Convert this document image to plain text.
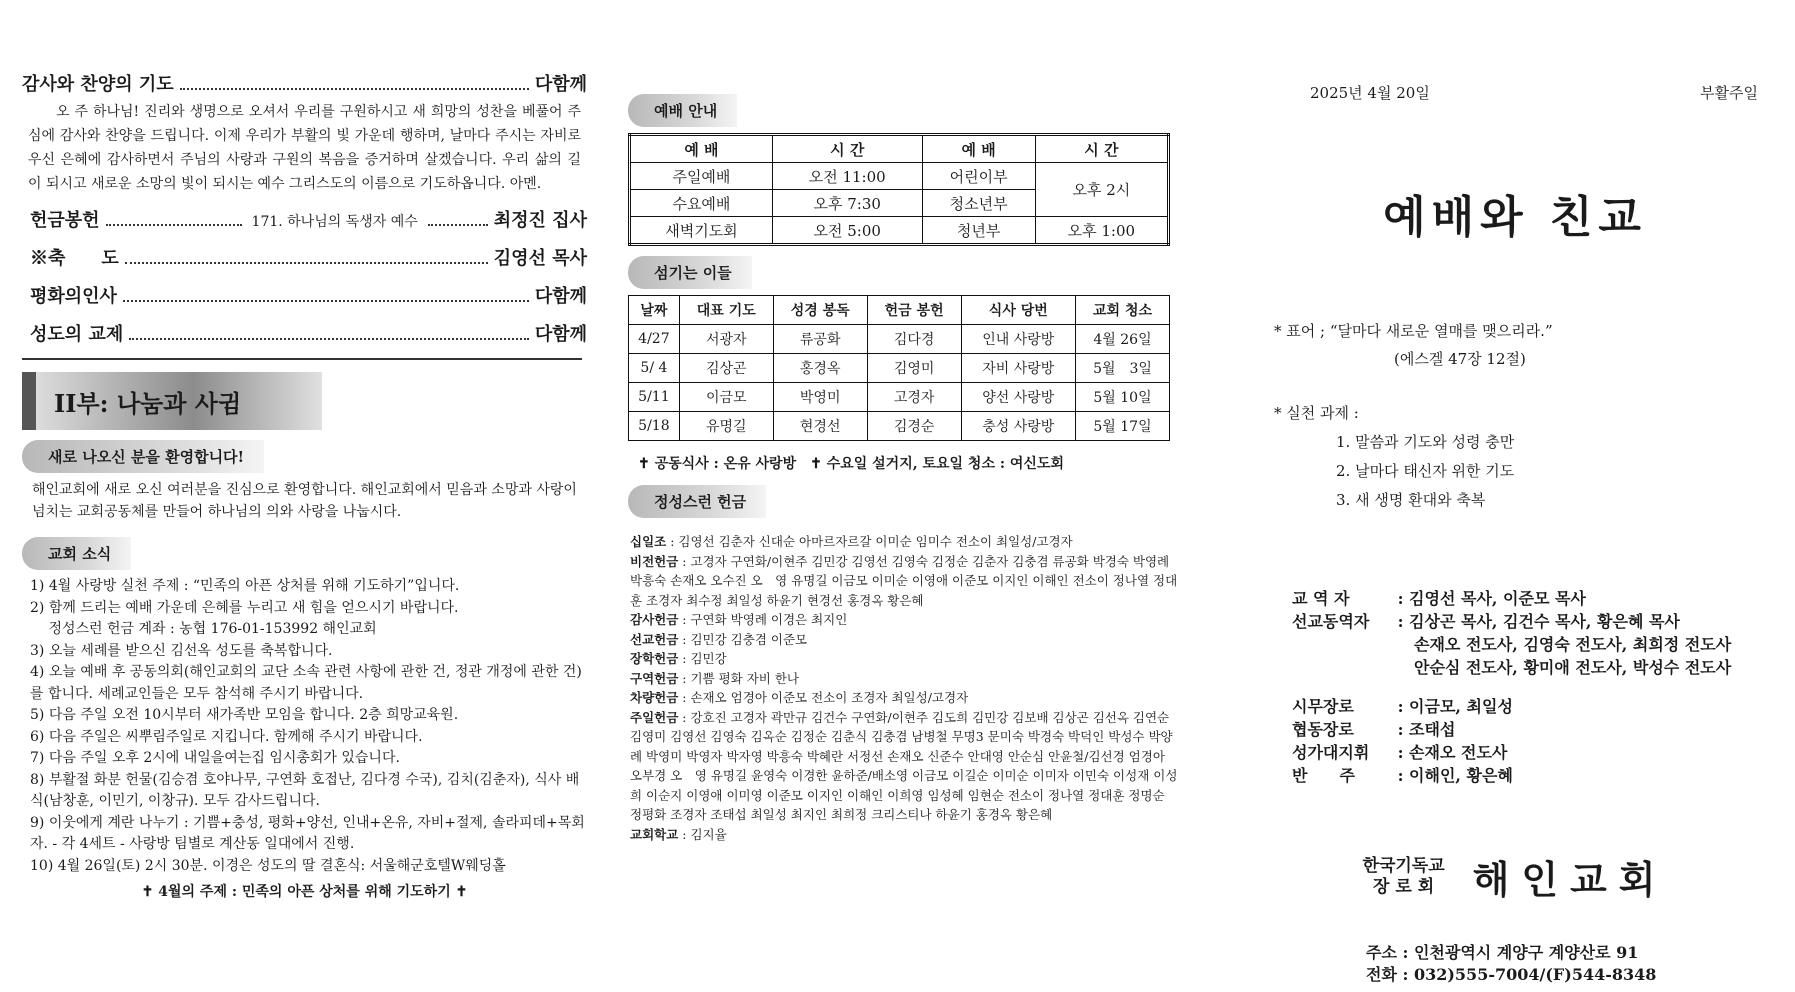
감사와 찬양의 기도	다함께

오 주 하나님! 진리와 생명으로 오셔서 우리를 구원하시고 새 희망의 성찬을 베풀어 주심에 감사와 찬양을 드립니다. 이제 우리가 부활의 빛 가운데 행하며, 날마다 주시는 자비로우신 은혜에 감사하면서 주님의 사랑과 구원의 복음을 증거하며 살겠습니다. 우리 삶의 길이 되시고 새로운 소망의 빛이 되시는 예수 그리스도의 이름으로 기도하옵니다. 아멘.

헌금봉헌	171. 하나님의 독생자 예수	최정진 집사
※축　　도	김영선 목사
평화의인사	다함께
성도의 교제	다함께
II부: 나눔과 사귐
새로 나오신 분을 환영합니다!

해인교회에 새로 오신 여러분을 진심으로 환영합니다. 해인교회에서 믿음과 소망과 사랑이 넘치는 교회공동체를 만들어 하나님의 의와 사랑을 나눕시다.

교회 소식
1) 4월 사랑방 실천 주제 : “민족의 아픈 상처를 위해 기도하기”입니다.
2) 함께 드리는 예배 가운데 은혜를 누리고 새 힘을 얻으시기 바랍니다.
　 정성스런 헌금 계좌 : 농협 176-01-153992 해인교회
3) 오늘 세례를 받으신 김선옥 성도를 축복합니다.
4) 오늘 예배 후 공동의회(해인교회의 교단 소속 관련 사항에 관한 건, 정관 개정에 관한 건)를 합니다. 세례교인들은 모두 참석해 주시기 바랍니다.
5) 다음 주일 오전 10시부터 새가족반 모임을 합니다. 2층 희망교육원.
6) 다음 주일은 씨뿌림주일로 지킵니다. 함께해 주시기 바랍니다.
7) 다음 주일 오후 2시에 내일을여는집 임시총회가 있습니다.
8) 부활절 화분 헌물(김승겸 호야나무, 구연화 호접난, 김다경 수국), 김치(김춘자), 식사 배식(남창훈, 이민기, 이창규). 모두 감사드립니다.
9) 이웃에게 계란 나누기 : 기쁨+충성, 평화+양선, 인내+온유, 자비+절제, 솔라피데+목회자. - 각 4세트 - 사랑방 팀별로 계산동 일대에서 진행.
10) 4월 26일(토) 2시 30분. 이경은 성도의 딸 결혼식: 서울해군호텔W웨딩홀
✝ 4월의 주제 : 민족의 아픈 상처를 위해 기도하기 ✝
예배 안내
예 배	시 간	예 배	시 간
주일예배	오전 11:00	어린이부	오후 2시
수요예배	오후 7:30	청소년부	
새벽기도회	오전 5:00	청년부	오후 1:00
섬기는 이들
날짜	대표 기도	성경 봉독	헌금 봉헌	식사 당번	교회 청소
4/27	서광자	류공화	김다경	인내 사랑방	4월 26일
5/ 4	김상곤	홍경옥	김영미	자비 사랑방	5월　3일
5/11	이금모	박영미	고경자	양선 사랑방	5월 10일
5/18	유명길	현경선	김경순	충성 사랑방	5월 17일
✝ 공동식사 : 온유 사랑방　✝ 수요일 설거지, 토요일 청소 : 여신도회
정성스런 헌금

십일조 : 김영선 김춘자 신대순 아마르자르갈 이미순 임미수 전소이 최일성/고경자

비전헌금 : 고경자 구연화/이현주 김민강 김영선 김영숙 김정순 김춘자 김충겸 류공화 박경숙 박영례 박흥숙 손재오 오수진 오　영 유명길 이금모 이미순 이영애 이준모 이지인 이해인 전소이 정나열 정대훈 조경자 최수정 최일성 하윤기 현경선 홍경옥 황은혜

감사헌금 : 구연화 박영례 이경은 최지인

선교헌금 : 김민강 김충겸 이준모

장학헌금 : 김민강

구역헌금 : 기쁨 평화 자비 한나

차량헌금 : 손재오 엄경아 이준모 전소이 조경자 최일성/고경자

주일헌금 : 강호진 고경자 곽만규 김건수 구연화/이현주 김도희 김민강 김보배 김상곤 김선옥 김연순 김영미 김영선 김영숙 김옥순 김정순 김춘식 김충겸 남병철 무명3 문미숙 박경숙 박덕인 박성수 박양례 박영미 박영자 박자영 박흥숙 박혜란 서정선 손재오 신준수 안대영 안순심 안윤철/김선경 엄경아 오부경 오　영 유명길 윤영숙 이경한 윤하준/배소영 이금모 이길순 이미순 이미자 이민숙 이성재 이성희 이순지 이영애 이미영 이준모 이지인 이해인 이희영 임성혜 임현순 전소이 정나열 정대훈 정명순 정평화 조경자 조태섭 최일성 최지인 최희정 크리스티나 하윤기 홍경옥 황은혜

교회학교 : 김지율

2025년 4월 20일	부활주일
예배와 친교
* 표어 ; “달마다 새로운 열매를 맺으리라.”
(에스겔 47장 12절)
* 실천 과제 :
1. 말씀과 기도와 성령 충만
2. 날마다 태신자 위한 기도
3. 새 생명 환대와 축복
교 역 자	: 김영선 목사, 이준모 목사
선교동역자	: 김상곤 목사, 김건수 목사, 황은혜 목사
손재오 전도사, 김영숙 전도사, 최희정 전도사
안순심 전도사, 황미애 전도사, 박성수 전도사
시무장로	: 이금모, 최일성
협동장로	: 조태섭
성가대지휘	: 손재오 전도사
반　　주	: 이해인, 황은혜
한국기독교
장 로 회 해인교회
주소 : 인천광역시 계양구 계양산로 91
전화 : 032)555-7004/(F)544-8348
